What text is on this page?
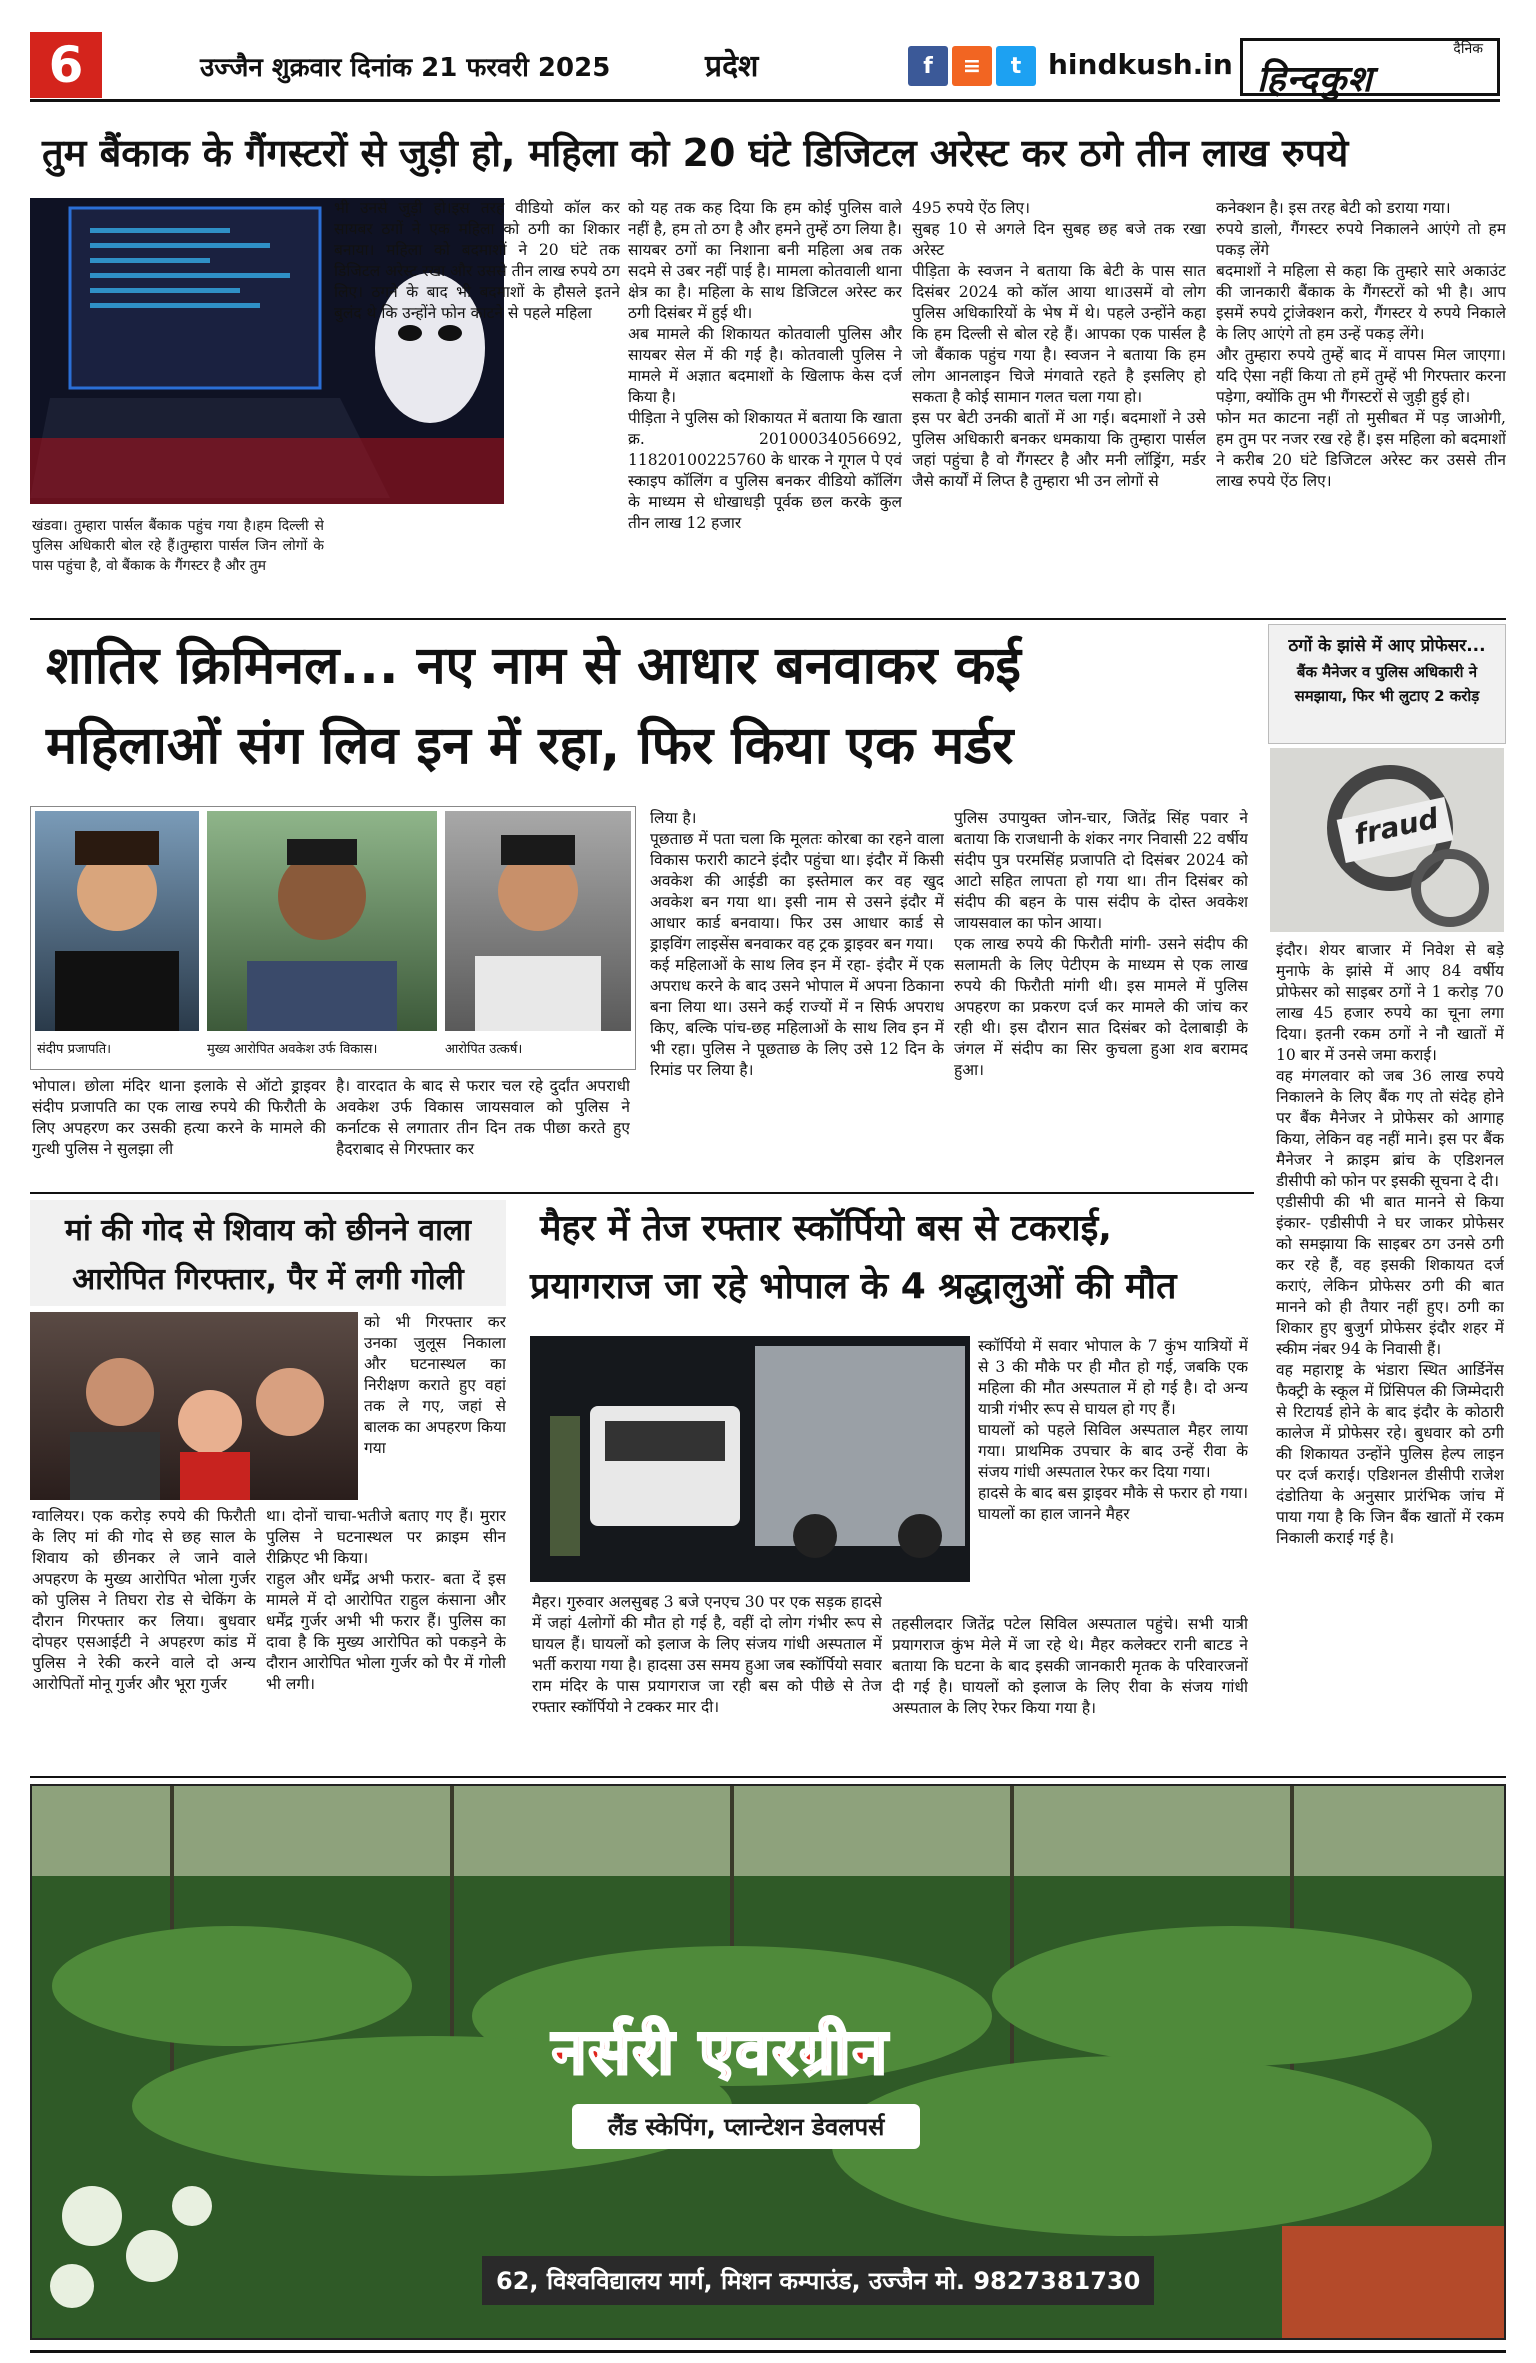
6	उज्जैन शुक्रवार दिनांक 21 फरवरी 2025	प्रदेश	f	≡	t hindkush.in	दैनिक
हिन्दकुश
तुम बैंकाक के गैंगस्टरों से जुड़ी हो, महिला को 20 घंटे डिजिटल अरेस्ट कर ठगे तीन लाख रुपये
खंडवा। तुम्हारा पार्सल बैंकाक पहुंच गया है।हम दिल्ली से पुलिस अधिकारी बोल रहे हैं।तुम्हारा पार्सल जिन लोगों के पास पहुंचा है, वो बैंकाक के गैंगस्टर है और तुम
भी उनसे जुड़ी हो।इस तरह वीडियो कॉल कर सायबर ठगों ने एक महिला को ठगी का शिकार बनाया। महिला को बदमाशों ने 20 घंटे तक डिजिटल अरेस्ट रखा और उससे तीन लाख रुपये ठग लिए। ठगने के बाद भी बदमाशों के हौसले इतने बुलंद थे कि उन्होंने फोन काटने से पहले महिला
को यह तक कह दिया कि हम कोई पुलिस वाले नहीं है, हम तो ठग है और हमने तुम्हें ठग लिया है।
सायबर ठगों का निशाना बनी महिला अब तक सदमे से उबर नहीं पाई है। मामला कोतवाली थाना क्षेत्र का है। महिला के साथ डिजिटल अरेस्ट कर ठगी दिसंबर में हुई थी।
अब मामले की शिकायत कोतवाली पुलिस और सायबर सेल में की गई है। कोतवाली पुलिस ने मामले में अज्ञात बदमाशों के खिलाफ केस दर्ज किया है।
पीड़िता ने पुलिस को शिकायत में बताया कि खाता क्र. 20100034056692, 11820100225760 के धारक ने गूगल पे एवं स्काइप कॉलिंग व पुलिस बनकर वीडियो कॉलिंग के माध्यम से धोखाधड़ी पूर्वक छल करके कुल तीन लाख 12 हजार
495 रुपये ऐंठ लिए।
सुबह 10 से अगले दिन सुबह छह बजे तक रखा अरेस्ट
पीड़िता के स्वजन ने बताया कि बेटी के पास सात दिसंबर 2024 को कॉल आया था।उसमें वो लोग पुलिस अधिकारियों के भेष में थे। पहले उन्होंने कहा कि हम दिल्ली से बोल रहे हैं। आपका एक पार्सल है जो बैंकाक पहुंच गया है। स्वजन ने बताया कि हम लोग आनलाइन चिजे मंगवाते रहते है इसलिए हो सकता है कोई सामान गलत चला गया हो।
इस पर बेटी उनकी बातों में आ गई। बदमाशों ने उसे पुलिस अधिकारी बनकर धमकाया कि तुम्हारा पार्सल जहां पहुंचा है वो गैंगस्टर है और मनी लॉड्रिंग, मर्डर जैसे कार्यों में लिप्त है तुम्हारा भी उन लोगों से
कनेक्शन है। इस तरह बेटी को डराया गया।
रुपये डालो, गैंगस्टर रुपये निकालने आएंगे तो हम पकड़ लेंगे
बदमाशों ने महिला से कहा कि तुम्हारे सारे अकाउंट की जानकारी बैंकाक के गैंगस्टरों को भी है। आप इसमें रुपये ट्रांजेक्शन करो, गैंगस्टर ये रुपये निकाले के लिए आएंगे तो हम उन्हें पकड़ लेंगे।
और तुम्हारा रुपये तुम्हें बाद में वापस मिल जाएगा। यदि ऐसा नहीं किया तो हमें तुम्हें भी गिरफ्तार करना पड़ेगा, क्योंकि तुम भी गैंगस्टरों से जुड़ी हुई हो।
फोन मत काटना नहीं तो मुसीबत में पड़ जाओगी, हम तुम पर नजर रख रहे हैं। इस महिला को बदमाशों ने करीब 20 घंटे डिजिटल अरेस्ट कर उससे तीन लाख रुपये ऐंठ लिए।
शातिर क्रिमिनल... नए नाम से आधार बनवाकर कई
महिलाओं संग लिव इन में रहा, फिर किया एक मर्डर
संदीप प्रजापति।	मुख्य आरोपित अवकेश उर्फ विकास।	आरोपित उत्कर्ष।
भोपाल। छोला मंदिर थाना इलाके से ऑटो ड्राइवर संदीप प्रजापति का एक लाख रुपये की फिरौती के लिए अपहरण कर उसकी हत्या करने के मामले की गुत्थी पुलिस ने सुलझा ली
है। वारदात के बाद से फरार चल रहे दुर्दांत अपराधी अवकेश उर्फ विकास जायसवाल को पुलिस ने कर्नाटक से लगातार तीन दिन तक पीछा करते हुए हैदराबाद से गिरफ्तार कर
लिया है।
पूछताछ में पता चला कि मूलतः कोरबा का रहने वाला विकास फरारी काटने इंदौर पहुंचा था। इंदौर में किसी अवकेश की आईडी का इस्तेमाल कर वह खुद अवकेश बन गया था। इसी नाम से उसने इंदौर में आधार कार्ड बनवाया। फिर उस आधार कार्ड से ड्राइविंग लाइसेंस बनवाकर वह ट्रक ड्राइवर बन गया।
कई महिलाओं के साथ लिव इन में रहा- इंदौर में एक अपराध करने के बाद उसने भोपाल में अपना ठिकाना बना लिया था। उसने कई राज्यों में न सिर्फ अपराध किए, बल्कि पांच-छह महिलाओं के साथ लिव इन में भी रहा। पुलिस ने पूछताछ के लिए उसे 12 दिन के रिमांड पर लिया है।
पुलिस उपायुक्त जोन-चार, जितेंद्र सिंह पवार ने बताया कि राजधानी के शंकर नगर निवासी 22 वर्षीय संदीप पुत्र परमसिंह प्रजापति दो दिसंबर 2024 को आटो सहित लापता हो गया था। तीन दिसंबर को संदीप की बहन के पास संदीप के दोस्त अवकेश जायसवाल का फोन आया।
एक लाख रुपये की फिरौती मांगी- उसने संदीप की सलामती के लिए पेटीएम के माध्यम से एक लाख रुपये की फिरौती मांगी थी। इस मामले में पुलिस अपहरण का प्रकरण दर्ज कर मामले की जांच कर रही थी। इस दौरान सात दिसंबर को देलाबाड़ी के जंगल में संदीप का सिर कुचला हुआ शव बरामद हुआ।
ठगों के झांसे में आए प्रोफेसर...
बैंक मैनेजर व पुलिस अधिकारी ने
समझाया, फिर भी लुटाए 2 करोड़
fraud
इंदौर। शेयर बाजार में निवेश से बड़े मुनाफे के झांसे में आए 84 वर्षीय प्रोफेसर को साइबर ठगों ने 1 करोड़ 70 लाख 45 हजार रुपये का चूना लगा दिया। इतनी रकम ठगों ने नौ खातों में 10 बार में उनसे जमा कराई।
वह मंगलवार को जब 36 लाख रुपये निकालने के लिए बैंक गए तो संदेह होने पर बैंक मैनेजर ने प्रोफेसर को आगाह किया, लेकिन वह नहीं माने। इस पर बैंक मैनेजर ने क्राइम ब्रांच के एडिशनल डीसीपी को फोन पर इसकी सूचना दे दी।
एडीसीपी की भी बात मानने से किया इंकार- एडीसीपी ने घर जाकर प्रोफेसर को समझाया कि साइबर ठग उनसे ठगी कर रहे हैं, वह इसकी शिकायत दर्ज कराएं, लेकिन प्रोफेसर ठगी की बात मानने को ही तैयार नहीं हुए। ठगी का शिकार हुए बुजुर्ग प्रोफेसर इंदौर शहर में स्कीम नंबर 94 के निवासी हैं।
वह महाराष्ट्र के भंडारा स्थित आर्डिनेंस फैक्ट्री के स्कूल में प्रिंसिपल की जिम्मेदारी से रिटायर्ड होने के बाद इंदौर के कोठारी कालेज में प्रोफेसर रहे। बुधवार को ठगी की शिकायत उन्होंने पुलिस हेल्प लाइन पर दर्ज कराई। एडिशनल डीसीपी राजेश दंडोतिया के अनुसार प्रारंभिक जांच में पाया गया है कि जिन बैंक खातों में रकम निकाली कराई गई है।
मां की गोद से शिवाय को छीनने वाला
आरोपित गिरफ्तार, पैर में लगी गोली
को भी गिरफ्तार कर उनका जुलूस निकाला और घटनास्थल का निरीक्षण कराते हुए वहां तक ले गए, जहां से बालक का अपहरण किया गया
ग्वालियर। एक करोड़ रुपये की फिरौती के लिए मां की गोद से छह साल के शिवाय को छीनकर ले जाने वाले अपहरण के मुख्य आरोपित भोला गुर्जर को पुलिस ने तिघरा रोड से चेकिंग के दौरान गिरफ्तार कर लिया। बुधवार दोपहर एसआईटी ने अपहरण कांड में पुलिस ने रेकी करने वाले दो अन्य आरोपितों मोनू गुर्जर और भूरा गुर्जर
था। दोनों चाचा-भतीजे बताए गए हैं। मुरार पुलिस ने घटनास्थल पर क्राइम सीन रीक्रिएट भी किया।
राहुल और धर्मेंद्र अभी फरार- बता दें इस मामले में दो आरोपित राहुल कंसाना और धर्मेंद्र गुर्जर अभी भी फरार हैं। पुलिस का दावा है कि मुख्य आरोपित को पकड़ने के दौरान आरोपित भोला गुर्जर को पैर में गोली भी लगी।
मैहर में तेज रफ्तार स्कॉर्पियो बस से टकराई,
प्रयागराज जा रहे भोपाल के 4 श्रद्धालुओं की मौत
स्कॉर्पियो में सवार भोपाल के 7 कुंभ यात्रियों में से 3 की मौके पर ही मौत हो गई, जबकि एक महिला की मौत अस्पताल में हो गई है। दो अन्य यात्री गंभीर रूप से घायल हो गए हैं।
घायलों को पहले सिविल अस्पताल मैहर लाया गया। प्राथमिक उपचार के बाद उन्हें रीवा के संजय गांधी अस्पताल रेफर कर दिया गया।
हादसे के बाद बस ड्राइवर मौके से फरार हो गया। घायलों का हाल जानने मैहर
मैहर। गुरुवार अलसुबह 3 बजे एनएच 30 पर एक सड़क हादसे में जहां 4लोगों की मौत हो गई है, वहीं दो लोग गंभीर रूप से घायल हैं। घायलों को इलाज के लिए संजय गांधी अस्पताल में भर्ती कराया गया है। हादसा उस समय हुआ जब स्कॉर्पियो सवार राम मंदिर के पास प्रयागराज जा रही बस को पीछे से तेज रफ्तार स्कॉर्पियो ने टक्कर मार दी।
तहसीलदार जितेंद्र पटेल सिविल अस्पताल पहुंचे। सभी यात्री प्रयागराज कुंभ मेले में जा रहे थे। मैहर कलेक्टर रानी बाटड ने बताया कि घटना के बाद इसकी जानकारी मृतक के परिवारजनों दी गई है। घायलों को इलाज के लिए रीवा के संजय गांधी अस्पताल के लिए रेफर किया गया है।
नर्सरी एवरग्रीन
लैंड स्केपिंग, प्लान्टेशन डेवलपर्स
62, विश्वविद्यालय मार्ग, मिशन कम्पाउंड, उज्जैन मो. 9827381730
